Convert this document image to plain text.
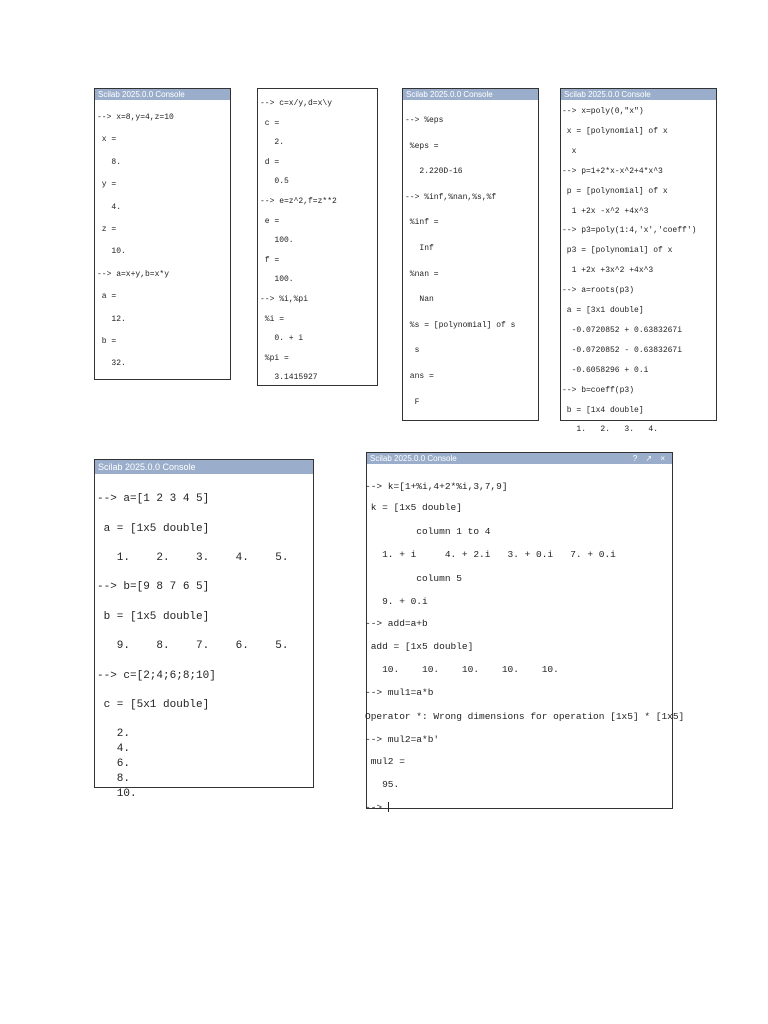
Scilab 2025.0.0 Console
--> x=8,y=4,z=10
x =
8.
y =
4.
z =
10.
--> a=x+y,b=x*y
a =
12.
b =
32.
--> c=x/y,d=x\y
c =
2.
d =
0.5
--> e=z^2,f=z**2
e =
100.
f =
100.
--> %i,%pi
%i =
0. + i
%pi =
3.1415927
Scilab 2025.0.0 Console
--> %eps
%eps =
2.220D-16
--> %inf,%nan,%s,%f
%inf =
Inf
%nan =
Nan
%s = [polynomial] of s
s
ans =
F
Scilab 2025.0.0 Console
--> x=poly(0,"x")
x = [polynomial] of x
x
--> p=1+2*x-x^2+4*x^3
p = [polynomial] of x
1 +2x -x^2 +4x^3
--> p3=poly(1:4,'x','coeff')
p3 = [polynomial] of x
1 +2x +3x^2 +4x^3
--> a=roots(p3)
a = [3x1 double]
-0.0720852 + 0.6383267i
-0.0720852 - 0.6383267i
-0.6058296 + 0.i
--> b=coeff(p3)
b = [1x4 double]
1.   2.   3.   4.
Scilab 2025.0.0 Console
--> a=[1 2 3 4 5]
a = [1x5 double]
1.    2.    3.    4.    5.
--> b=[9 8 7 6 5]
b = [1x5 double]
9.    8.    7.    6.    5.
--> c=[2;4;6;8;10]
c = [5x1 double]
2.
4.
6.
8.
10.
Scilab 2025.0.0 Console	? ↗ ×
--> k=[1+%i,4+2*%i,3,7,9]
k = [1x5 double]
column 1 to 4
1. + i     4. + 2.i   3. + 0.i   7. + 0.i
column 5
9. + 0.i
--> add=a+b
add = [1x5 double]
10.    10.    10.    10.    10.
--> mul1=a*b
Operator *: Wrong dimensions for operation [1x5] * [1x5]
--> mul2=a*b'
mul2 =
95.
-->
